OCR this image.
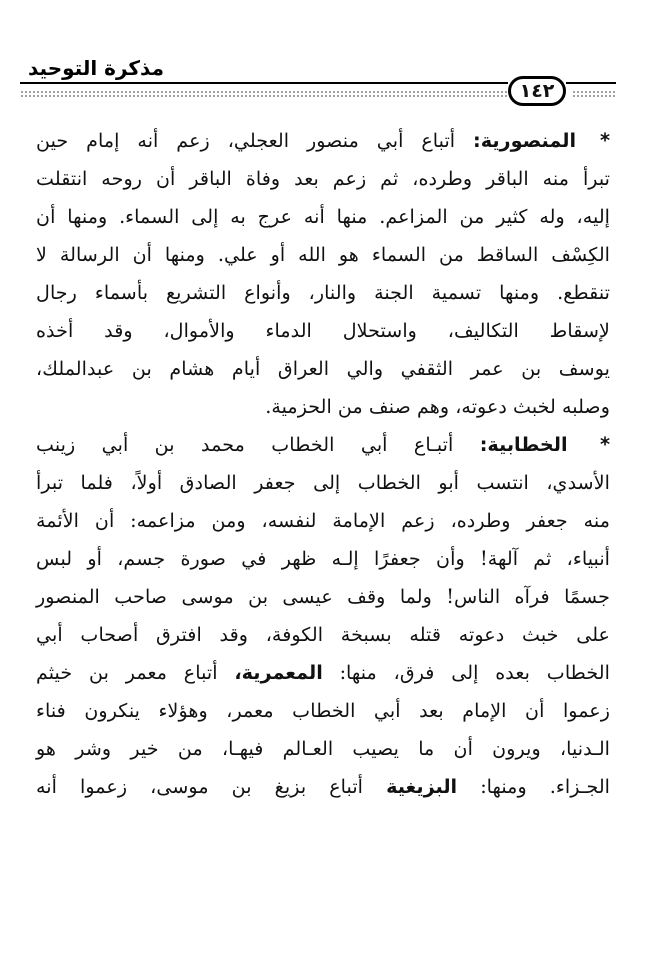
مذكرة التوحيد
١٤٢

* المنصورية: أتباع أبي منصور العجلي، زعم أنه إمام حين
تبرأ منه الباقر وطرده، ثم زعم بعد وفاة الباقر أن روحه انتقلت
إليه، وله كثير من المزاعم. منها أنه عرج به إلى السماء. ومنها أن
الكِسْف الساقط من السماء هو الله أو علي. ومنها أن الرسالة لا
تنقطع. ومنها تسمية الجنة والنار، وأنواع التشريع بأسماء رجال
لإسقاط التكاليف، واستحلال الدماء والأموال، وقد أخذه
يوسف بن عمر الثقفي والي العراق أيام هشام بن عبدالملك،
وصلبه لخبث دعوته، وهم صنف من الحزمية.

* الخطابية: أتبـاع أبي الخطاب محمد بن أبي زينب
الأسدي، انتسب أبو الخطاب إلى جعفر الصادق أولاً، فلما تبرأ
منه جعفر وطرده، زعم الإمامة لنفسه، ومن مزاعمه: أن الأئمة
أنبياء، ثم آلهة! وأن جعفرًا إلـه ظهر في صورة جسم، أو لبس
جسمًا فرآه الناس! ولما وقف عيسى بن موسى صاحب المنصور
على خبث دعوته قتله بسبخة الكوفة، وقد افترق أصحاب أبي
الخطاب بعده إلى فرق، منها: المعمرية، أتباع معمر بن خيثم
زعموا أن الإمام بعد أبي الخطاب معمر، وهؤلاء ينكرون فناء
الـدنيا، ويرون أن ما يصيب العـالم فيهـا، من خير وشر هو
الجـزاء. ومنها: البزيغية أتباع بزيغ بن موسى، زعموا أنه
